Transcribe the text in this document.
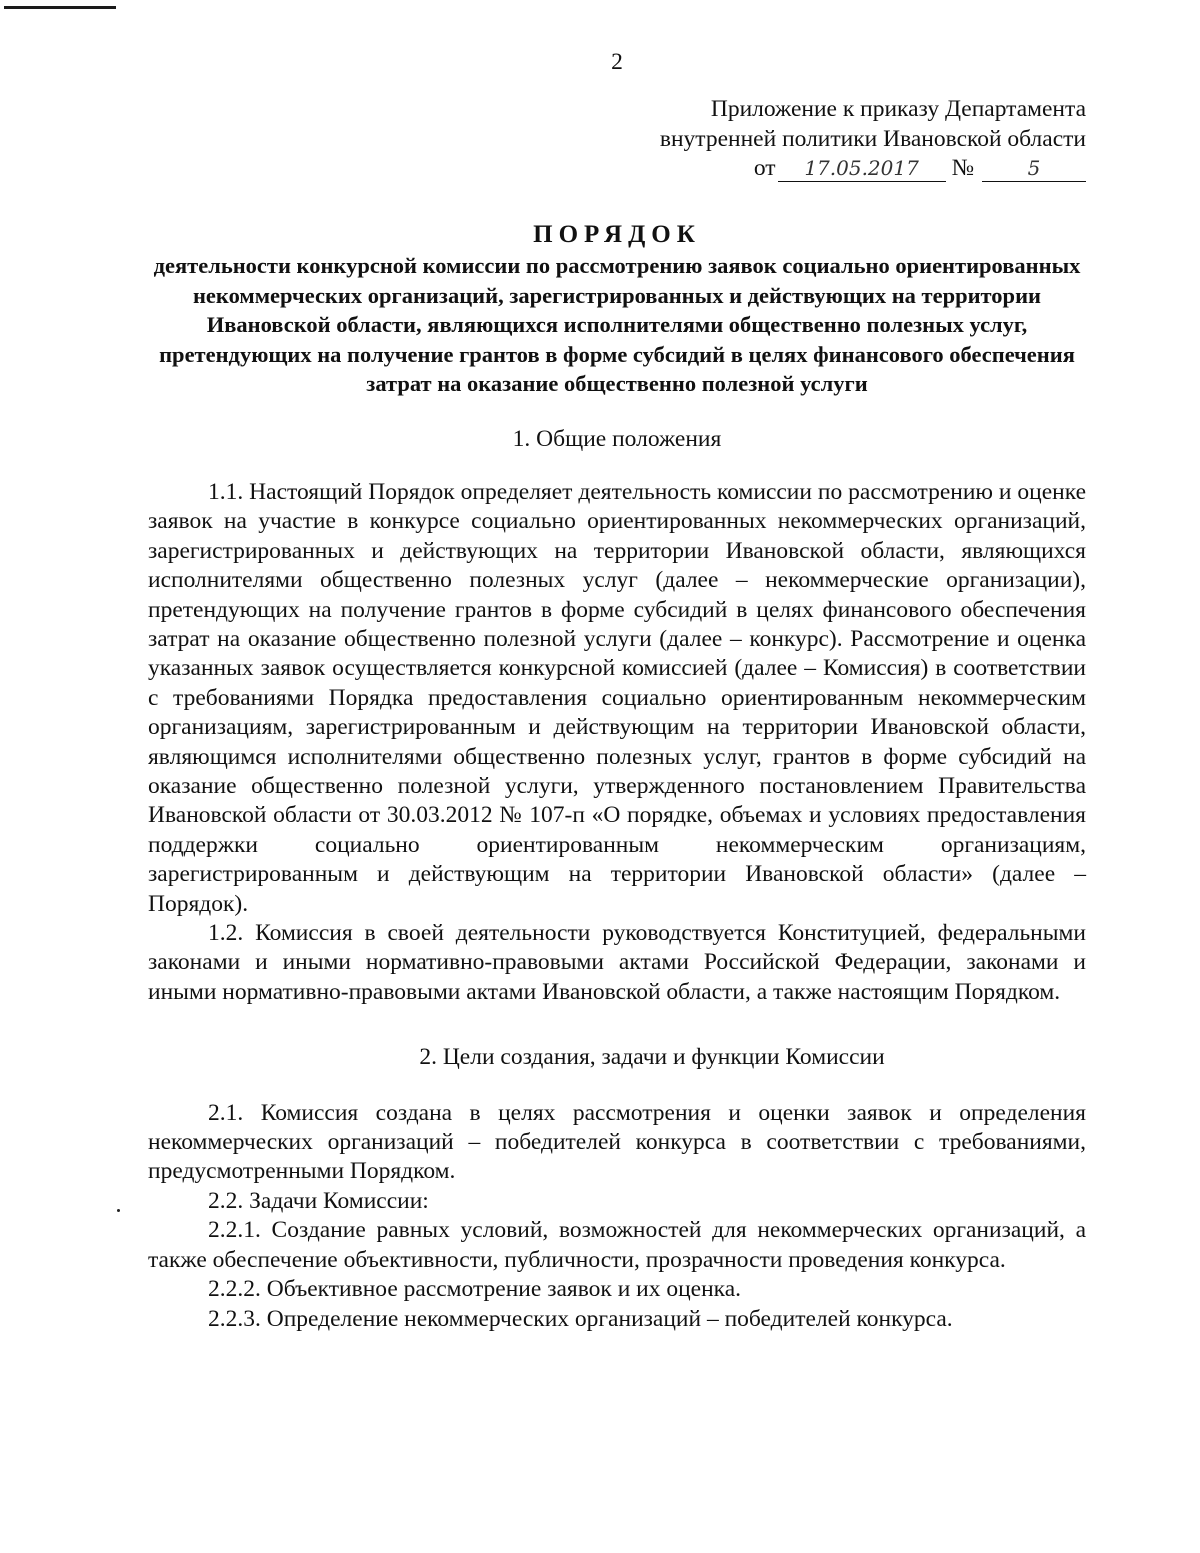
2
Приложение к приказу Департамента
внутренней политики Ивановской области
от	17.05.2017	№	5
ПОРЯДОК
деятельности конкурсной комиссии по рассмотрению заявок социально ориентированных некоммерческих организаций, зарегистрированных и действующих на территории Ивановской области, являющихся исполнителями общественно полезных услуг, претендующих на получение грантов в форме субсидий в целях финансового обеспечения затрат на оказание общественно полезной услуги
1. Общие положения

1.1. Настоящий Порядок определяет деятельность комиссии по рассмотрению и оценке заявок на участие в конкурсе социально ориентированных некоммерческих организаций, зарегистрированных и действующих на территории Ивановской области, являющихся исполнителями общественно полезных услуг (далее – некоммерческие организации), претендующих на получение грантов в форме субсидий в целях финансового обеспечения затрат на оказание общественно полезной услуги (далее – конкурс). Рассмотрение и оценка указанных заявок осуществляется конкурсной комиссией (далее – Комиссия) в соответствии с требованиями Порядка предоставления социально ориентированным некоммерческим организациям, зарегистрированным и действующим на территории Ивановской области, являющимся исполнителями общественно полезных услуг, грантов в форме субсидий на оказание общественно полезной услуги, утвержденного постановлением Правительства Ивановской области от 30.03.2012 № 107-п «О порядке, объемах и условиях предоставления поддержки социально ориентированным некоммерческим организациям, зарегистрированным и действующим на территории Ивановской области» (далее – Порядок).

1.2. Комиссия в своей деятельности руководствуется Конституцией, федеральными законами и иными нормативно-правовыми актами Российской Федерации, законами и иными нормативно-правовыми актами Ивановской области, а также настоящим Порядком.

2. Цели создания, задачи и функции Комиссии

2.1. Комиссия создана в целях рассмотрения и оценки заявок и определения некоммерческих организаций – победителей конкурса в соответствии с требованиями, предусмотренными Порядком.

2.2. Задачи Комиссии:

2.2.1. Создание равных условий, возможностей для некоммерческих организаций, а также обеспечение объективности, публичности, прозрачности проведения конкурса.

2.2.2. Объективное рассмотрение заявок и их оценка.

2.2.3. Определение некоммерческих организаций – победителей конкурса.
